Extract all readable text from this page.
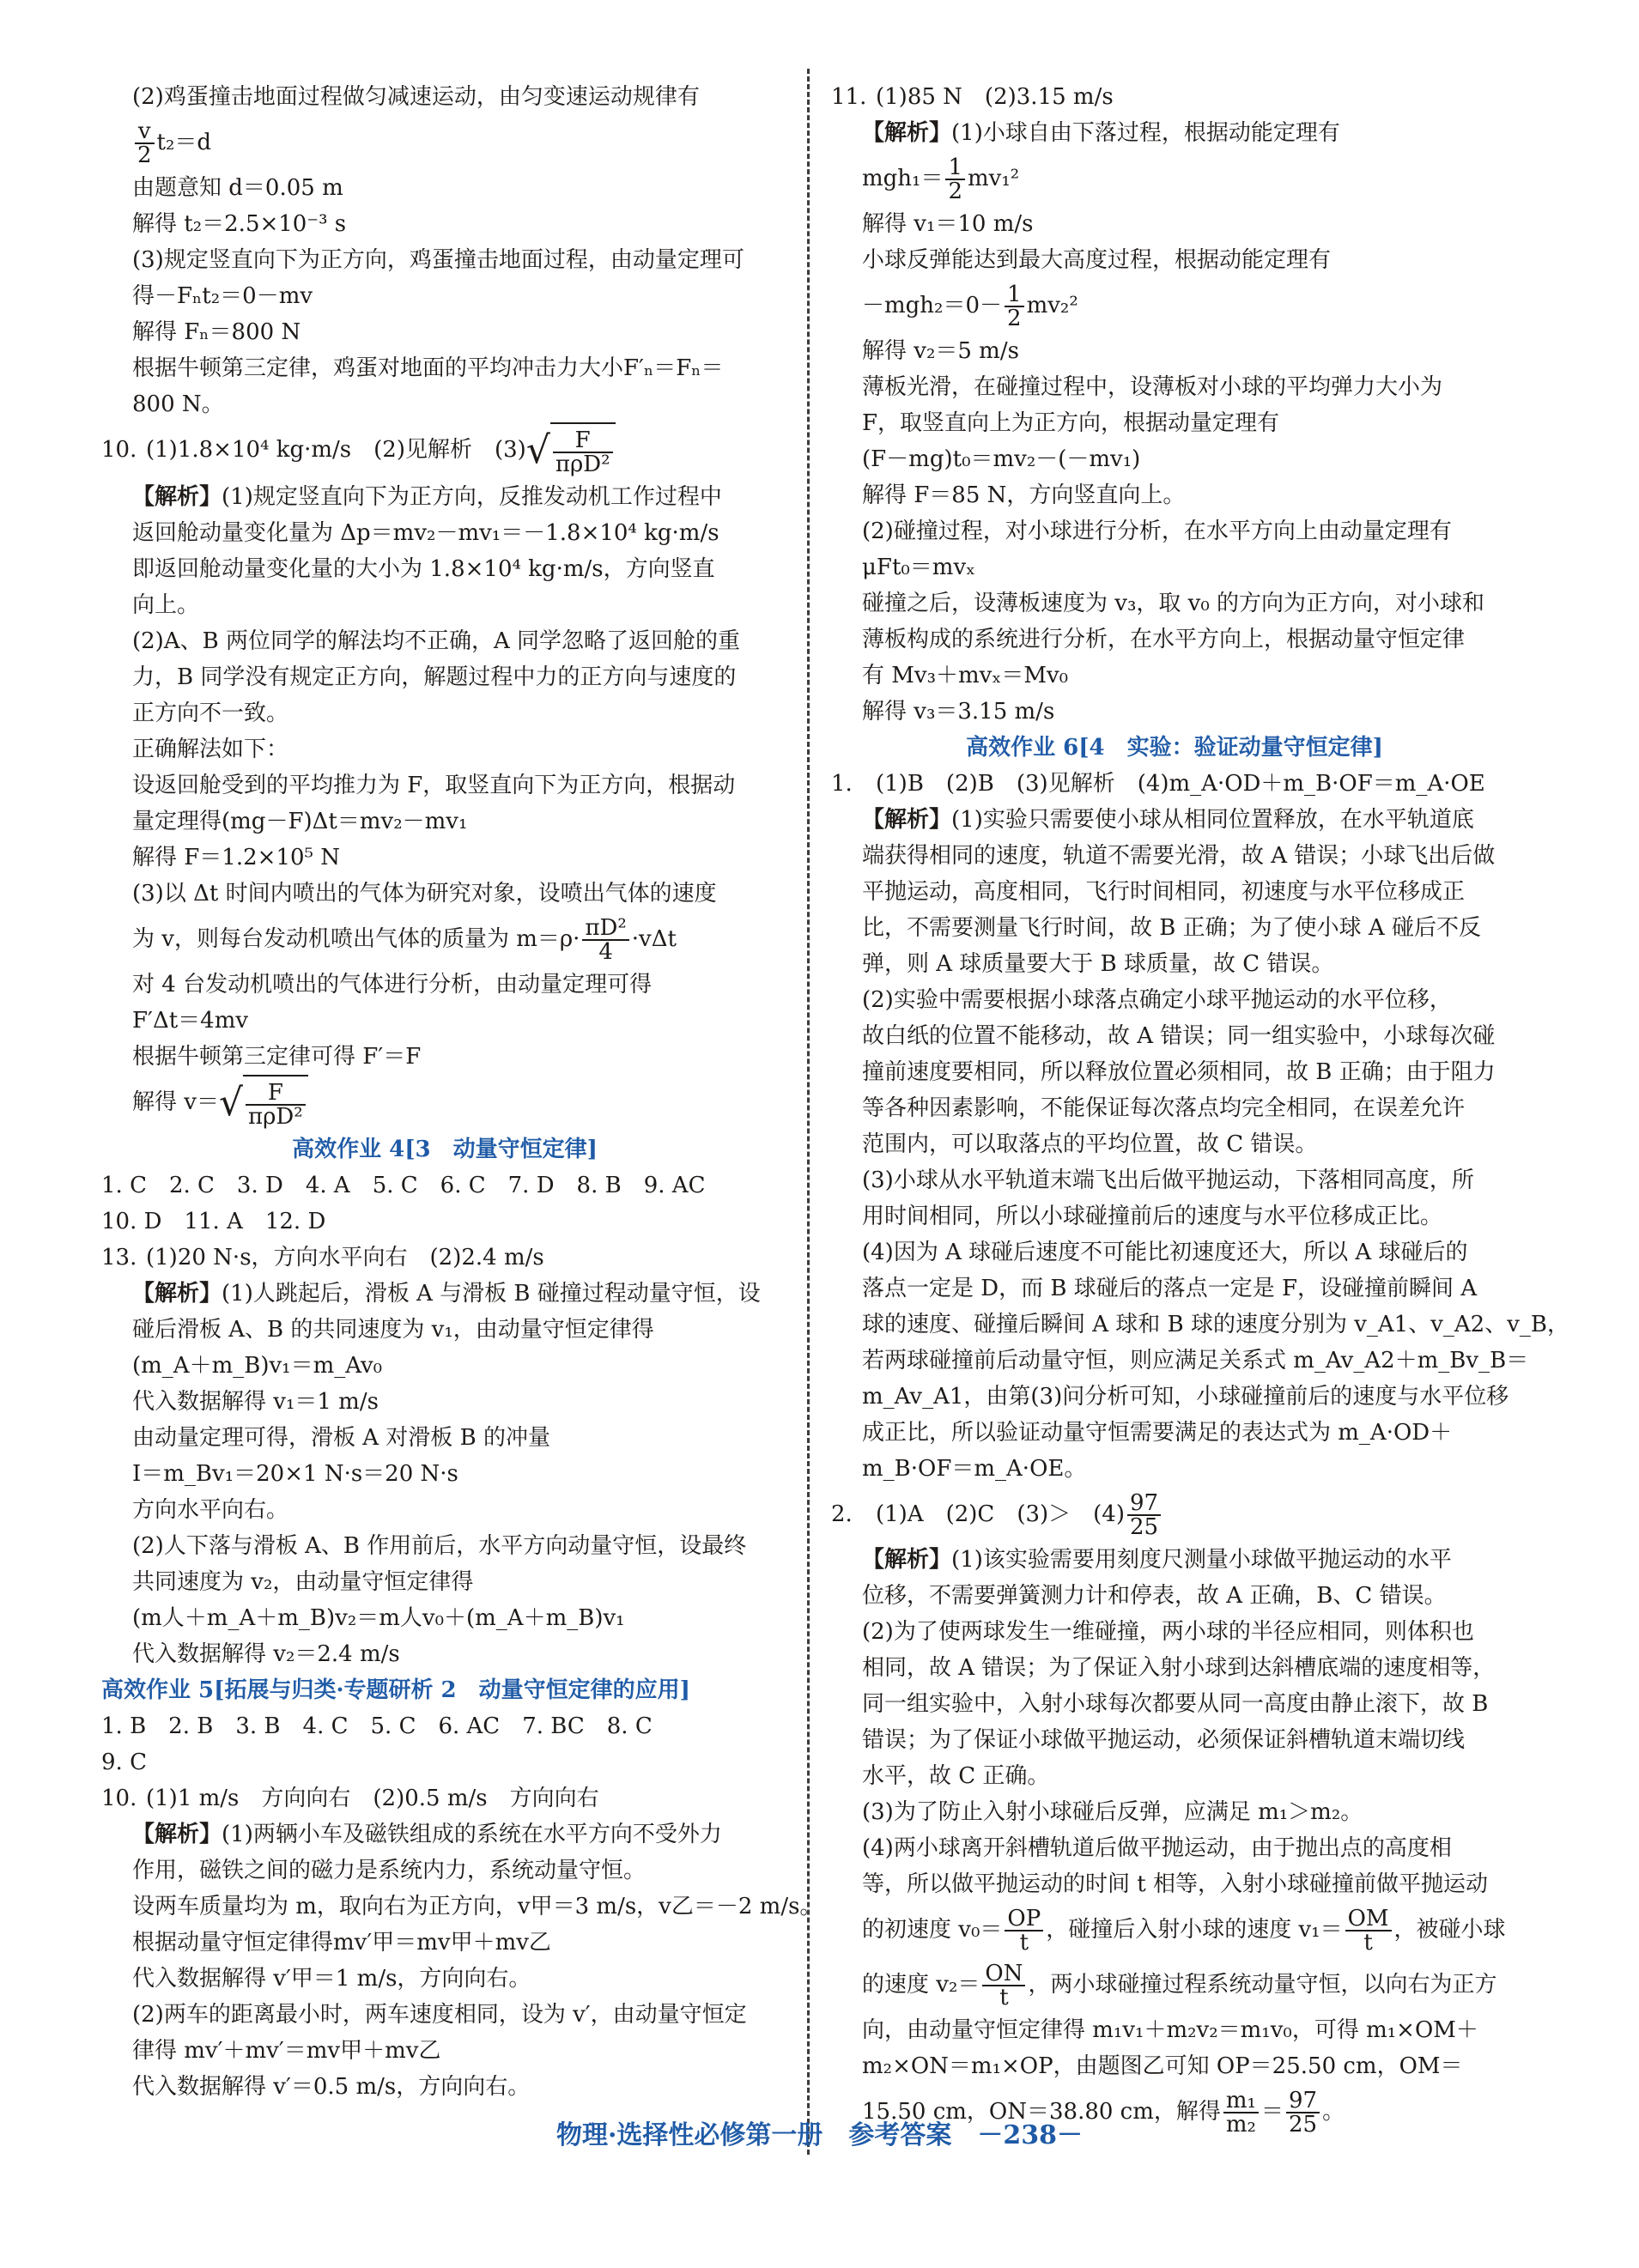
(2)鸡蛋撞击地面过程做匀减速运动，由匀变速运动规律有

$\frac{v}{2} t_2=d$

由题意知 d＝0.05 m

解得 t₂＝2.5×10⁻³ s

(3)规定竖直向下为正方向，鸡蛋撞击地面过程，由动量定理可

得－Fₙt₂＝0－mv

解得 Fₙ＝800 N

根据牛顿第三定律，鸡蛋对地面的平均冲击力大小F′ₙ＝Fₙ＝

800 N。

10. (1)1.8×10⁴ kg·m/s　(2)见解析　$(3)√ \frac{F}{\text{πρD²}}$

【解析】(1)规定竖直向下为正方向，反推发动机工作过程中

返回舱动量变化量为 Δp＝mv₂－mv₁＝－1.8×10⁴ kg·m/s

即返回舱动量变化量的大小为 1.8×10⁴ kg·m/s，方向竖直

向上。

(2)A、B 两位同学的解法均不正确，A 同学忽略了返回舱的重

力，B 同学没有规定正方向，解题过程中力的正方向与速度的

正方向不一致。

正确解法如下：

设返回舱受到的平均推力为 F，取竖直向下为正方向，根据动

量定理得(mg－F)Δt＝mv₂－mv₁

解得 F＝1.2×10⁵ N

(3)以 Δt 时间内喷出的气体为研究对象，设喷出气体的速度

为 v，则每台发动机喷出气体的质量为 $m=\rho\cdot \frac{\text{πD²}}{4} \cdot v\Delta t$

对 4 台发动机喷出的气体进行分析，由动量定理可得

F′Δt＝4mv

根据牛顿第三定律可得 F′＝F

解得 $v=√ \frac{F}{\text{πρD²}}$

高效作业 4[3　动量守恒定律]

1. C　2. C　3. D　4. A　5. C　6. C　7. D　8. B　9. AC

10. D　11. A　12. D

13. (1)20 N·s，方向水平向右　(2)2.4 m/s

【解析】(1)人跳起后，滑板 A 与滑板 B 碰撞过程动量守恒，设

碰后滑板 A、B 的共同速度为 v₁，由动量守恒定律得

(m_A＋m_B)v₁＝m_Av₀

代入数据解得 v₁＝1 m/s

由动量定理可得，滑板 A 对滑板 B 的冲量

I＝m_Bv₁＝20×1 N·s＝20 N·s

方向水平向右。

(2)人下落与滑板 A、B 作用前后，水平方向动量守恒，设最终

共同速度为 v₂，由动量守恒定律得

(m人＋m_A＋m_B)v₂＝m人v₀＋(m_A＋m_B)v₁

代入数据解得 v₂＝2.4 m/s

高效作业 5[拓展与归类·专题研析 2　动量守恒定律的应用]

1. B　2. B　3. B　4. C　5. C　6. AC　7. BC　8. C

9. C

10. (1)1 m/s　方向向右　(2)0.5 m/s　方向向右

【解析】(1)两辆小车及磁铁组成的系统在水平方向不受外力

作用，磁铁之间的磁力是系统内力，系统动量守恒。

设两车质量均为 m，取向右为正方向，v甲＝3 m/s，v乙＝－2 m/s。

根据动量守恒定律得mv′甲＝mv甲＋mv乙

代入数据解得 v′甲＝1 m/s，方向向右。

(2)两车的距离最小时，两车速度相同，设为 v′，由动量守恒定

律得 mv′＋mv′＝mv甲＋mv乙

代入数据解得 v′＝0.5 m/s，方向向右。

11. (1)85 N　(2)3.15 m/s

【解析】(1)小球自由下落过程，根据动能定理有

$mgh_1= \frac{1}{2} mv_1^2$

解得 v₁＝10 m/s

小球反弹能达到最大高度过程，根据动能定理有

$-mgh_2=0- \frac{1}{2} mv_2^2$

解得 v₂＝5 m/s

薄板光滑，在碰撞过程中，设薄板对小球的平均弹力大小为

F，取竖直向上为正方向，根据动量定理有

(F－mg)t₀＝mv₂－(－mv₁)

解得 F＝85 N，方向竖直向上。

(2)碰撞过程，对小球进行分析，在水平方向上由动量定理有

μFt₀＝mvₓ

碰撞之后，设薄板速度为 v₃，取 v₀ 的方向为正方向，对小球和

薄板构成的系统进行分析，在水平方向上，根据动量守恒定律

有 Mv₃＋mvₓ＝Mv₀

解得 v₃＝3.15 m/s

高效作业 6[4　实验：验证动量守恒定律]

1. (1)B　(2)B　(3)见解析　(4)m_A·OD＋m_B·OF＝m_A·OE

【解析】(1)实验只需要使小球从相同位置释放，在水平轨道底

端获得相同的速度，轨道不需要光滑，故 A 错误；小球飞出后做

平抛运动，高度相同，飞行时间相同，初速度与水平位移成正

比，不需要测量飞行时间，故 B 正确；为了使小球 A 碰后不反

弹，则 A 球质量要大于 B 球质量，故 C 错误。

(2)实验中需要根据小球落点确定小球平抛运动的水平位移，

故白纸的位置不能移动，故 A 错误；同一组实验中，小球每次碰

撞前速度要相同，所以释放位置必须相同，故 B 正确；由于阻力

等各种因素影响，不能保证每次落点均完全相同，在误差允许

范围内，可以取落点的平均位置，故 C 错误。

(3)小球从水平轨道末端飞出后做平抛运动，下落相同高度，所

用时间相同，所以小球碰撞前后的速度与水平位移成正比。

(4)因为 A 球碰后速度不可能比初速度还大，所以 A 球碰后的

落点一定是 D，而 B 球碰后的落点一定是 F，设碰撞前瞬间 A

球的速度、碰撞后瞬间 A 球和 B 球的速度分别为 v_A1、v_A2、v_B，

若两球碰撞前后动量守恒，则应满足关系式 m_Av_A2＋m_Bv_B＝

m_Av_A1，由第(3)问分析可知，小球碰撞前后的速度与水平位移

成正比，所以验证动量守恒需要满足的表达式为 m_A·OD＋

m_B·OF＝m_A·OE。

2. (1)A　(2)C　(3)＞　$(4) \frac{97}{25}$

【解析】(1)该实验需要用刻度尺测量小球做平抛运动的水平

位移，不需要弹簧测力计和停表，故 A 正确，B、C 错误。

(2)为了使两球发生一维碰撞，两小球的半径应相同，则体积也

相同，故 A 错误；为了保证入射小球到达斜槽底端的速度相等，

同一组实验中，入射小球每次都要从同一高度由静止滚下，故 B

错误；为了保证小球做平抛运动，必须保证斜槽轨道末端切线

水平，故 C 正确。

(3)为了防止入射小球碰后反弹，应满足 m₁＞m₂。

(4)两小球离开斜槽轨道后做平抛运动，由于抛出点的高度相

等，所以做平抛运动的时间 t 相等，入射小球碰撞前做平抛运动

的初速度 $v_0= \frac{OP}{t}$ ，碰撞后入射小球的速度 $v_1= \frac{OM}{t}$ ，被碰小球

的速度 $v_2= \frac{ON}{t}$ ，两小球碰撞过程系统动量守恒，以向右为正方

向，由动量守恒定律得 m₁v₁＋m₂v₂＝m₁v₀，可得 m₁×OM＋

m₂×ON＝m₁×OP，由题图乙可知 OP＝25.50 cm，OM＝

15.50 cm，ON＝38.80 cm，解得 $\frac{\text{m₁}}{\text{m₂}} = \frac{97}{25}$ 。

物理·选择性必修第一册　参考答案　－238－
